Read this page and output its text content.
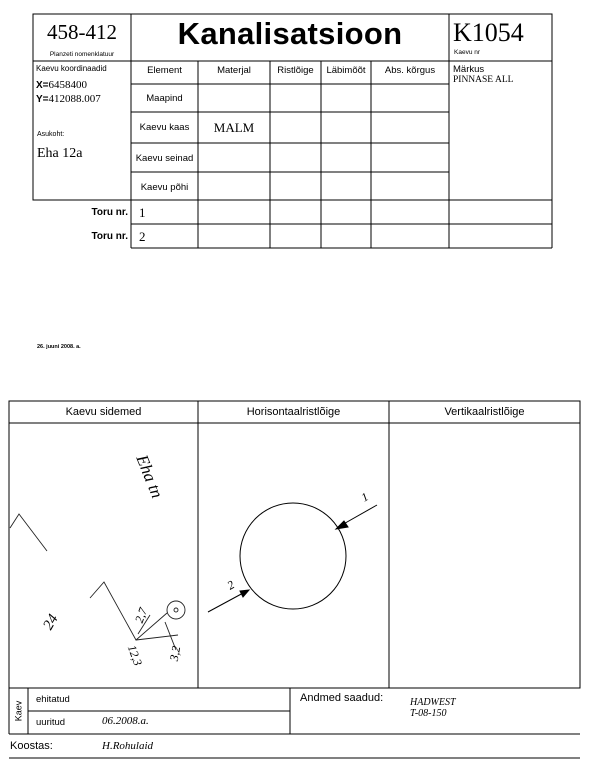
458-412
Planzeti nomenklatuur
Kanalisatsioon	K1054
Kaevu nr
Kaevu koordinaadid
X=6458400
Y=412088.007
Asukoht:
Eha 12a
Märkus
PINNASE ALL
Element	Materjal	Ristlõige	Läbimõõt	Abs. kõrgus
Maapind
Kaevu kaas	MALM
Kaevu seinad
Kaevu põhi
Toru nr. 1
Toru nr. 2
26. juuni 2008. a.
Kaevu sidemed	Horisontaalristlõige	Vertikaalristlõige
Eha tn
24	2,7
12,3 3,2
1
2
Kaev
ehitatud
uuritud	06.2008.a.
Andmed saadud:	HADWEST
T-08-150
Koostas:	H.Rohulaid
